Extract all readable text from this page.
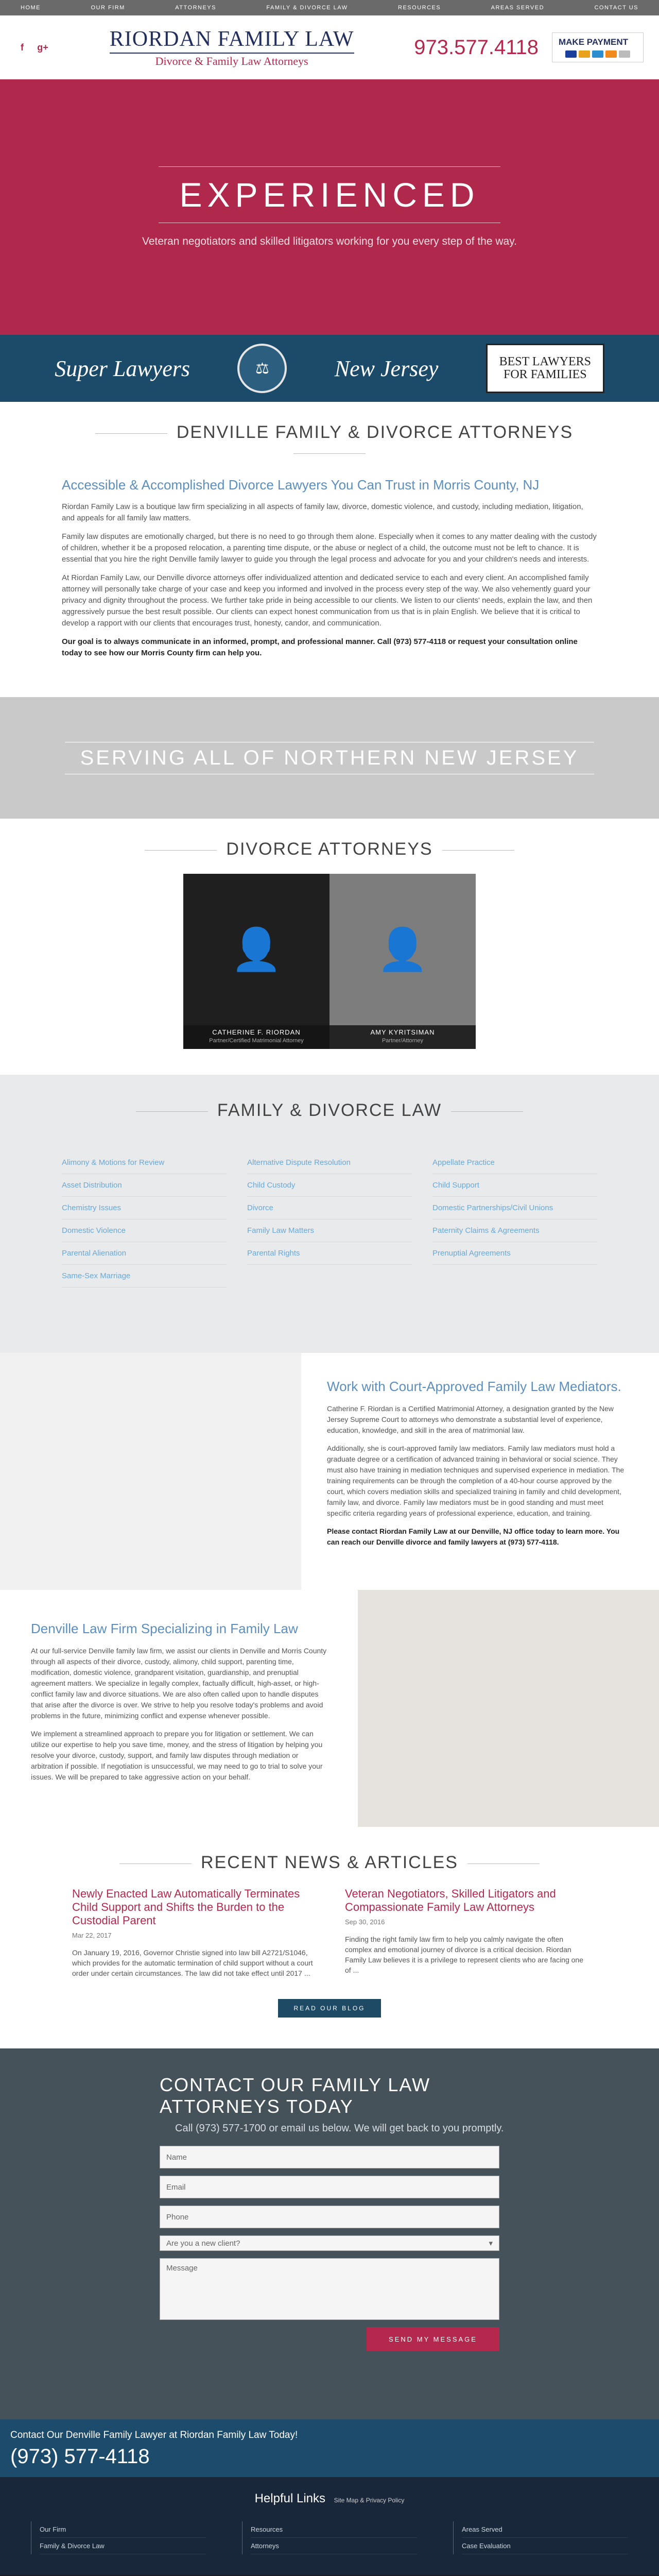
HOME	OUR FIRM	ATTORNEYS	FAMILY & DIVORCE LAW	RESOURCES	AREAS SERVED	CONTACT US
f	g+	RIORDAN FAMILY LAW
Divorce & Family Law Attorneys
973.577.4118 MAKE PAYMENT
EXPERIENCED
Veteran negotiators and skilled litigators working for you every step of the way.
Super Lawyers	⚖	New Jersey	BEST LAWYERS FOR FAMILIES
DENVILLE FAMILY & DIVORCE ATTORNEYS
Accessible & Accomplished Divorce Lawyers You Can Trust in Morris County, NJ

Riordan Family Law is a boutique law firm specializing in all aspects of family law, divorce, domestic violence, and custody, including mediation, litigation, and appeals for all family law matters.

Family law disputes are emotionally charged, but there is no need to go through them alone. Especially when it comes to any matter dealing with the custody of children, whether it be a proposed relocation, a parenting time dispute, or the abuse or neglect of a child, the outcome must not be left to chance. It is essential that you hire the right Denville family lawyer to guide you through the legal process and advocate for you and your children's needs and interests.

At Riordan Family Law, our Denville divorce attorneys offer individualized attention and dedicated service to each and every client. An accomplished family attorney will personally take charge of your case and keep you informed and involved in the process every step of the way. We also vehemently guard your privacy and dignity throughout the process. We further take pride in being accessible to our clients. We listen to our clients' needs, explain the law, and then aggressively pursue the best result possible. Our clients can expect honest communication from us that is in plain English. We believe that it is critical to develop a rapport with our clients that encourages trust, honesty, candor, and communication.

Our goal is to always communicate in an informed, prompt, and professional manner. Call (973) 577-4118 or request your consultation online today to see how our Morris County firm can help you.

SERVING ALL OF NORTHERN NEW JERSEY
DIVORCE ATTORNEYS
👤
CATHERINE F. RIORDAN
Partner/Certified Matrimonial Attorney
👤
AMY KYRITSIMAN
Partner/Attorney
FAMILY & DIVORCE LAW
Alimony & Motions for Review
Asset Distribution
Chemistry Issues
Domestic Violence
Parental Alienation
Same-Sex Marriage
Alternative Dispute Resolution
Child Custody
Divorce
Family Law Matters
Parental Rights
Appellate Practice
Child Support
Domestic Partnerships/Civil Unions
Paternity Claims & Agreements
Prenuptial Agreements
Work with Court-Approved Family Law Mediators.

Catherine F. Riordan is a Certified Matrimonial Attorney, a designation granted by the New Jersey Supreme Court to attorneys who demonstrate a substantial level of experience, education, knowledge, and skill in the area of matrimonial law.

Additionally, she is court-approved family law mediators. Family law mediators must hold a graduate degree or a certification of advanced training in behavioral or social science. They must also have training in mediation techniques and supervised experience in mediation. The training requirements can be through the completion of a 40-hour course approved by the court, which covers mediation skills and specialized training in family and child development, family law, and divorce. Family law mediators must be in good standing and must meet specific criteria regarding years of professional experience, education, and training.

Please contact Riordan Family Law at our Denville, NJ office today to learn more. You can reach our Denville divorce and family lawyers at (973) 577-4118.

Denville Law Firm Specializing in Family Law

At our full-service Denville family law firm, we assist our clients in Denville and Morris County through all aspects of their divorce, custody, alimony, child support, parenting time, modification, domestic violence, grandparent visitation, guardianship, and prenuptial agreement matters. We specialize in legally complex, factually difficult, high-asset, or high-conflict family law and divorce situations. We are also often called upon to handle disputes that arise after the divorce is over. We strive to help you resolve today's problems and avoid problems in the future, minimizing conflict and expense whenever possible.

We implement a streamlined approach to prepare you for litigation or settlement. We can utilize our expertise to help you save time, money, and the stress of litigation by helping you resolve your divorce, custody, support, and family law disputes through mediation or arbitration if possible. If negotiation is unsuccessful, we may need to go to trial to solve your issues. We will be prepared to take aggressive action on your behalf.

RECENT NEWS & ARTICLES
Newly Enacted Law Automatically Terminates Child Support and Shifts the Burden to the Custodial Parent
Mar 22, 2017

On January 19, 2016, Governor Christie signed into law bill A2721/S1046, which provides for the automatic termination of child support without a court order under certain circumstances. The law did not take effect until 2017 ...

Veteran Negotiators, Skilled Litigators and Compassionate Family Law Attorneys
Sep 30, 2016

Finding the right family law firm to help you calmly navigate the often complex and emotional journey of divorce is a critical decision. Riordan Family Law believes it is a privilege to represent clients who are facing one of ...

READ OUR BLOG
CONTACT OUR FAMILY LAW
ATTORNEYS TODAY
Call (973) 577-1700 or email us below. We will get back to you promptly.
Name
Email
Phone
Are you a new client?	▾
Message
SEND MY MESSAGE
Contact Our Denville Family Lawyer at Riordan Family Law Today!
(973) 577-4118
Helpful Links Site Map & Privacy Policy
Our Firm
Family & Divorce Law
Resources
Attorneys
Areas Served
Case Evaluation
